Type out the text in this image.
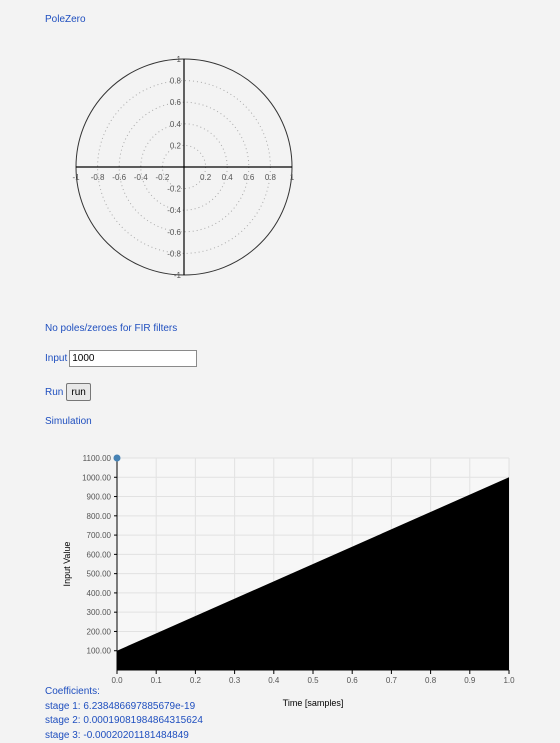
PoleZero
0.2
0.2
0.4
0.4
0.6
0.6
0.8
0.8
1
1
-0.2
-0.2
-0.4
-0.4
-0.6
-0.6
-0.8
-0.8
-1
-1
No poles/zeroes for FIR filters
Input
1000
Run run
Simulation
0.0	0.1	0.2	0.3	0.4	0.5	0.6	0.7	0.8	0.9	1.0
100.00
200.00
300.00
400.00
500.00
600.00
700.00
800.00
900.00
1000.00
1100.00
Time [samples]
Input Value
Coefficients:
stage 1: 6.238486697885679e-19
stage 2: 0.00019081984864315624
stage 3: -0.00020201181484849
